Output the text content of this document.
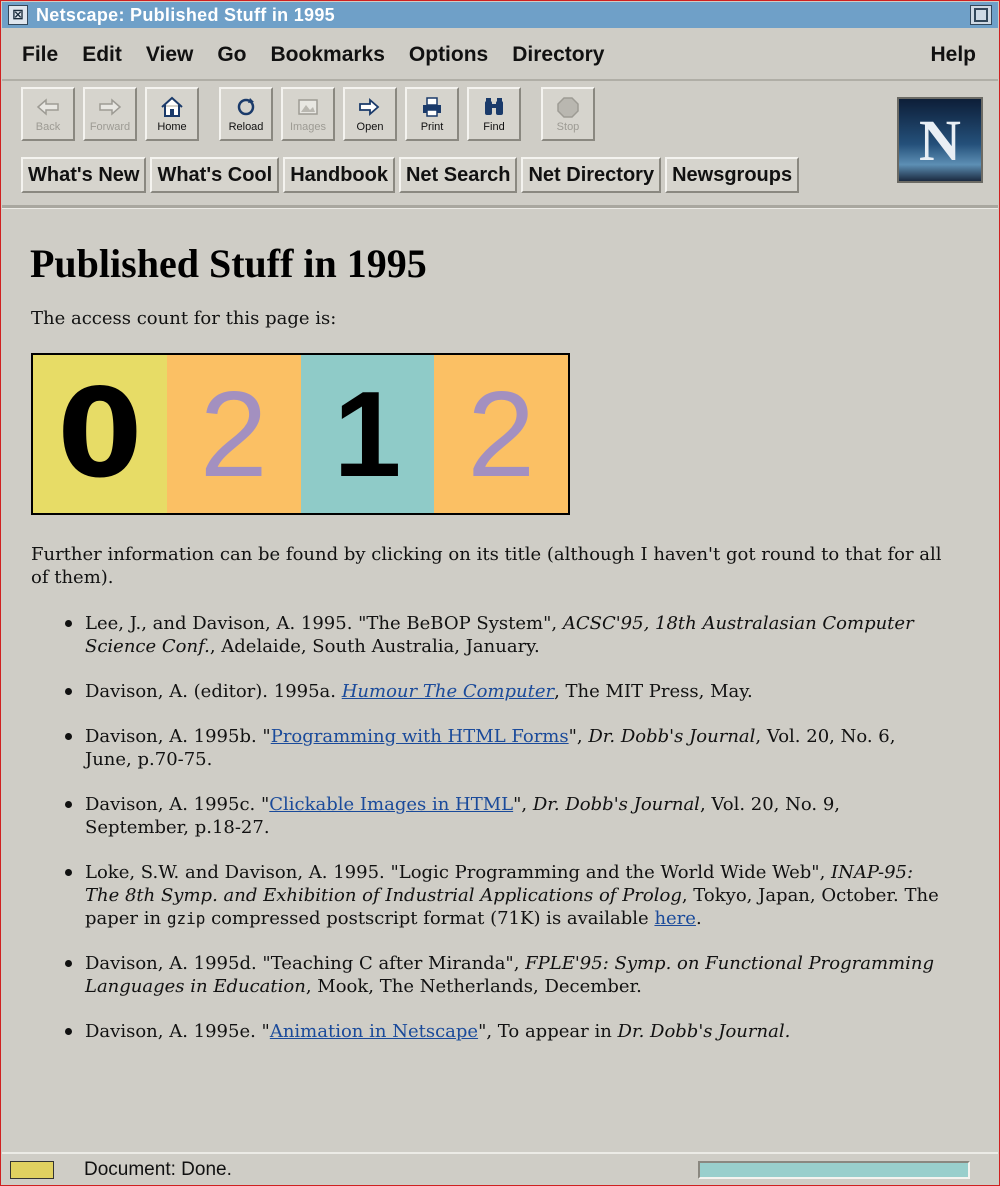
⊠ Netscape: Published Stuff in 1995
File	Edit	View	Go	Bookmarks	Options	Directory	Help
Back	Forward Home	Reload Images	Open	Print	Find	Stop
What's New What's Cool Handbook Net Search Net Directory Newsgroups
N
Published Stuff in 1995
The access count for this page is:
0 2 1 2
Further information can be found by clicking on its title (although I haven't got round to that for all of them).
Lee, J., and Davison, A. 1995. "The BeBOP System", ACSC'95, 18th Australasian Computer Science Conf., Adelaide, South Australia, January.
Davison, A. (editor). 1995a. Humour The Computer, The MIT Press, May.
Davison, A. 1995b. "Programming with HTML Forms", Dr. Dobb's Journal, Vol. 20, No. 6, June, p.70-75.
Davison, A. 1995c. "Clickable Images in HTML", Dr. Dobb's Journal, Vol. 20, No. 9, September, p.18-27.
Loke, S.W. and Davison, A. 1995. "Logic Programming and the World Wide Web", INAP-95: The 8th Symp. and Exhibition of Industrial Applications of Prolog, Tokyo, Japan, October. The paper in gzip compressed postscript format (71K) is available here.
Davison, A. 1995d. "Teaching C after Miranda", FPLE'95: Symp. on Functional Programming Languages in Education, Mook, The Netherlands, December.
Davison, A. 1995e. "Animation in Netscape", To appear in Dr. Dobb's Journal.
Document: Done.
